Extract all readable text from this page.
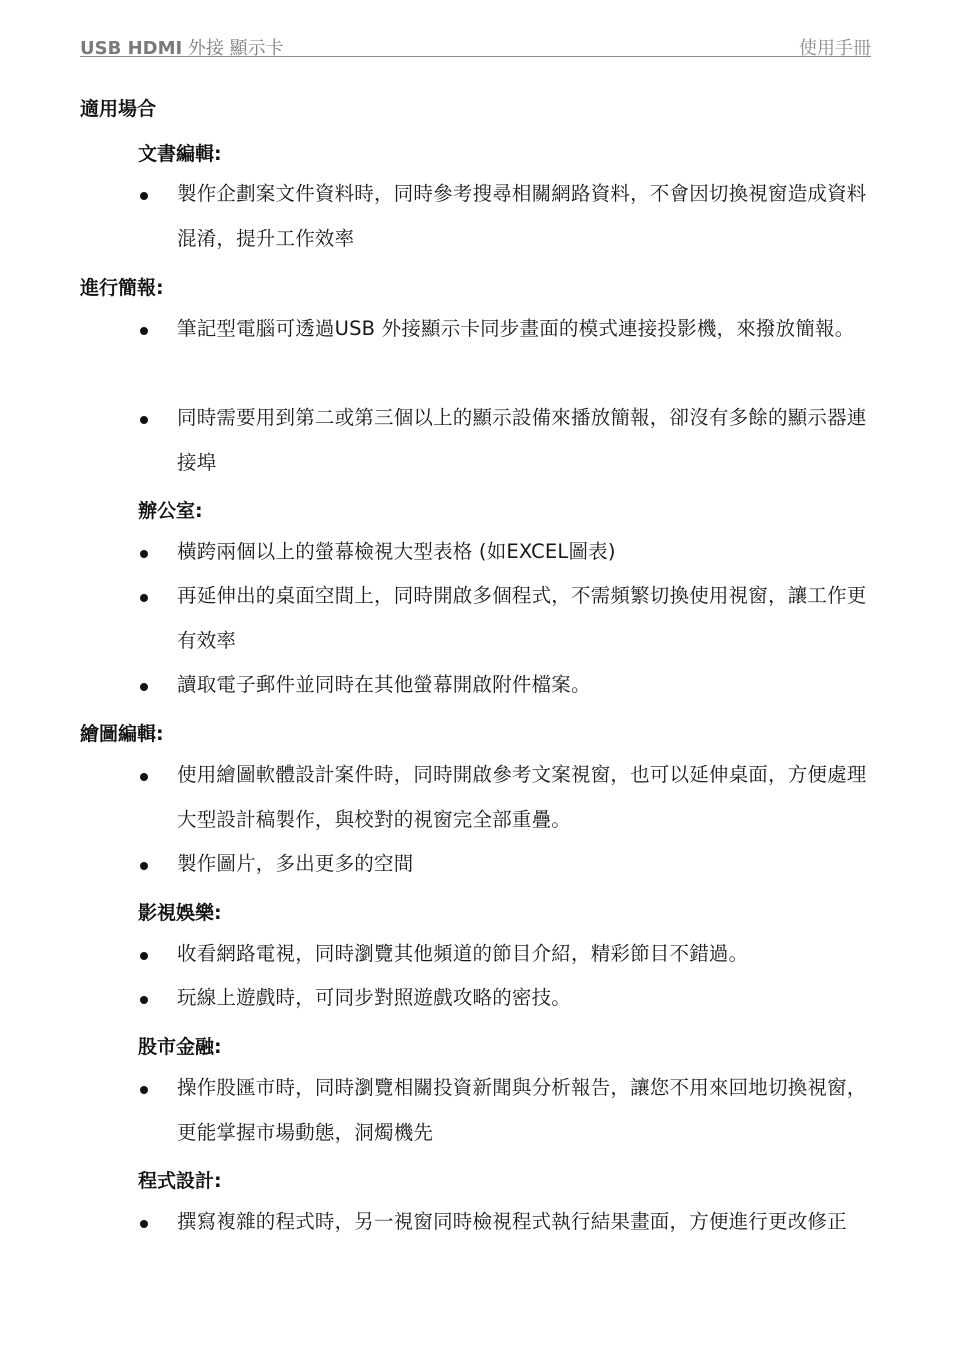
USB HDMI 外接 顯示卡	使用手冊
適用場合
文書編輯:
製作企劃案文件資料時，同時參考搜尋相關網路資料，不會因切換視窗造成資料混淆，提升工作效率
進行簡報:
筆記型電腦可透過USB 外接顯示卡同步畫面的模式連接投影機，來撥放簡報。
同時需要用到第二或第三個以上的顯示設備來播放簡報，卻沒有多餘的顯示器連接埠
辦公室:
橫跨兩個以上的螢幕檢視大型表格 (如EXCEL圖表)
再延伸出的桌面空間上，同時開啟多個程式，不需頻繁切換使用視窗，讓工作更有效率
讀取電子郵件並同時在其他螢幕開啟附件檔案。
繪圖編輯:
使用繪圖軟體設計案件時，同時開啟參考文案視窗，也可以延伸桌面，方便處理大型設計稿製作，與校對的視窗完全部重疊。
製作圖片，多出更多的空間
影視娛樂:
收看網路電視，同時瀏覽其他頻道的節目介紹，精彩節目不錯過。
玩線上遊戲時，可同步對照遊戲攻略的密技。
股市金融:
操作股匯市時，同時瀏覽相關投資新聞與分析報告，讓您不用來回地切換視窗，更能掌握市場動態，洞燭機先
程式設計:
撰寫複雜的程式時，另一視窗同時檢視程式執行結果畫面，方便進行更改修正
